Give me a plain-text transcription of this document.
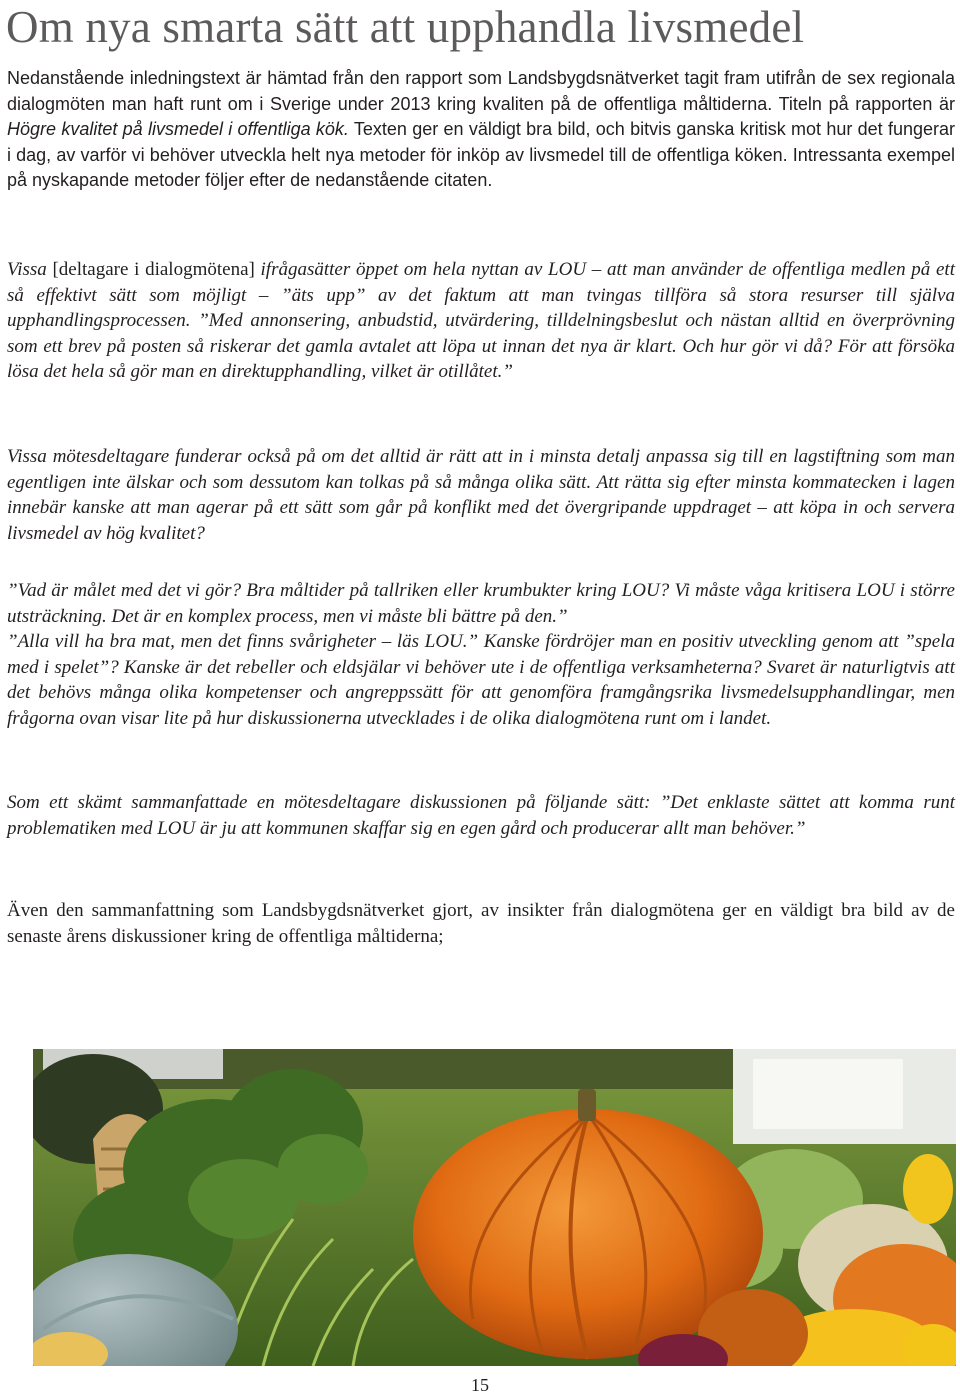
Om nya smarta sätt att upphandla livsmedel

Nedanstående inledningstext är hämtad från den rapport som Landsbygdsnätverket tagit fram utifrån de sex regionala dialogmöten man haft runt om i Sverige under 2013 kring kvaliten på de offentliga måltiderna. Titeln på rapporten är Högre kvalitet på livsmedel i offentliga kök. Texten ger en väldigt bra bild, och bitvis ganska kritisk mot hur det fungerar i dag, av varför vi behöver utveckla helt nya metoder för inköp av livsmedel till de offentliga köken. Intressanta exempel på nyskapande metoder följer efter de nedanstående citaten.

Vissa [deltagare i dialogmötena] ifrågasätter öppet om hela nyttan av LOU – att man använder de offentliga medlen på ett så effektivt sätt som möjligt – ”äts upp” av det faktum att man tvingas tillföra så stora resurser till själva upphandlingsprocessen. ”Med annonsering, anbudstid, utvärdering, tilldelningsbeslut och nästan alltid en överprövning som ett brev på posten så riskerar det gamla avtalet att löpa ut innan det nya är klart. Och hur gör vi då? För att försöka lösa det hela så gör man en direktupphandling, vilket är otillåtet.”

Vissa mötesdeltagare funderar också på om det alltid är rätt att in i minsta detalj anpassa sig till en lagstiftning som man egentligen inte älskar och som dessutom kan tolkas på så många olika sätt. Att rätta sig efter minsta kommatecken i lagen innebär kanske att man agerar på ett sätt som går på konflikt med det övergripande uppdraget – att köpa in och servera livsmedel av hög kvalitet?

”Vad är målet med det vi gör? Bra måltider på tallriken eller krumbukter kring LOU? Vi måste våga kritisera LOU i större utsträckning. Det är en komplex process, men vi måste bli bättre på den.”
”Alla vill ha bra mat, men det finns svårigheter – läs LOU.” Kanske fördröjer man en positiv utveckling genom att ”spela med i spelet”? Kanske är det rebeller och eldsjälar vi behöver ute i de offentliga verksamheterna? Svaret är naturligtvis att det behövs många olika kompetenser och angreppssätt för att genomföra framgångsrika livsmedelsupphandlingar, men frågorna ovan visar lite på hur diskussionerna utvecklades i de olika dialogmötena runt om i landet.

Som ett skämt sammanfattade en mötesdeltagare diskussionen på följande sätt: ”Det enklaste sättet att komma runt problematiken med LOU är ju att kommunen skaffar sig en egen gård och producerar allt man behöver.”

Även den sammanfattning som Landsbygdsnätverket gjort, av insikter från dialogmötena ger en väldigt bra bild av de senaste årens diskussioner kring de offentliga måltiderna;

15
